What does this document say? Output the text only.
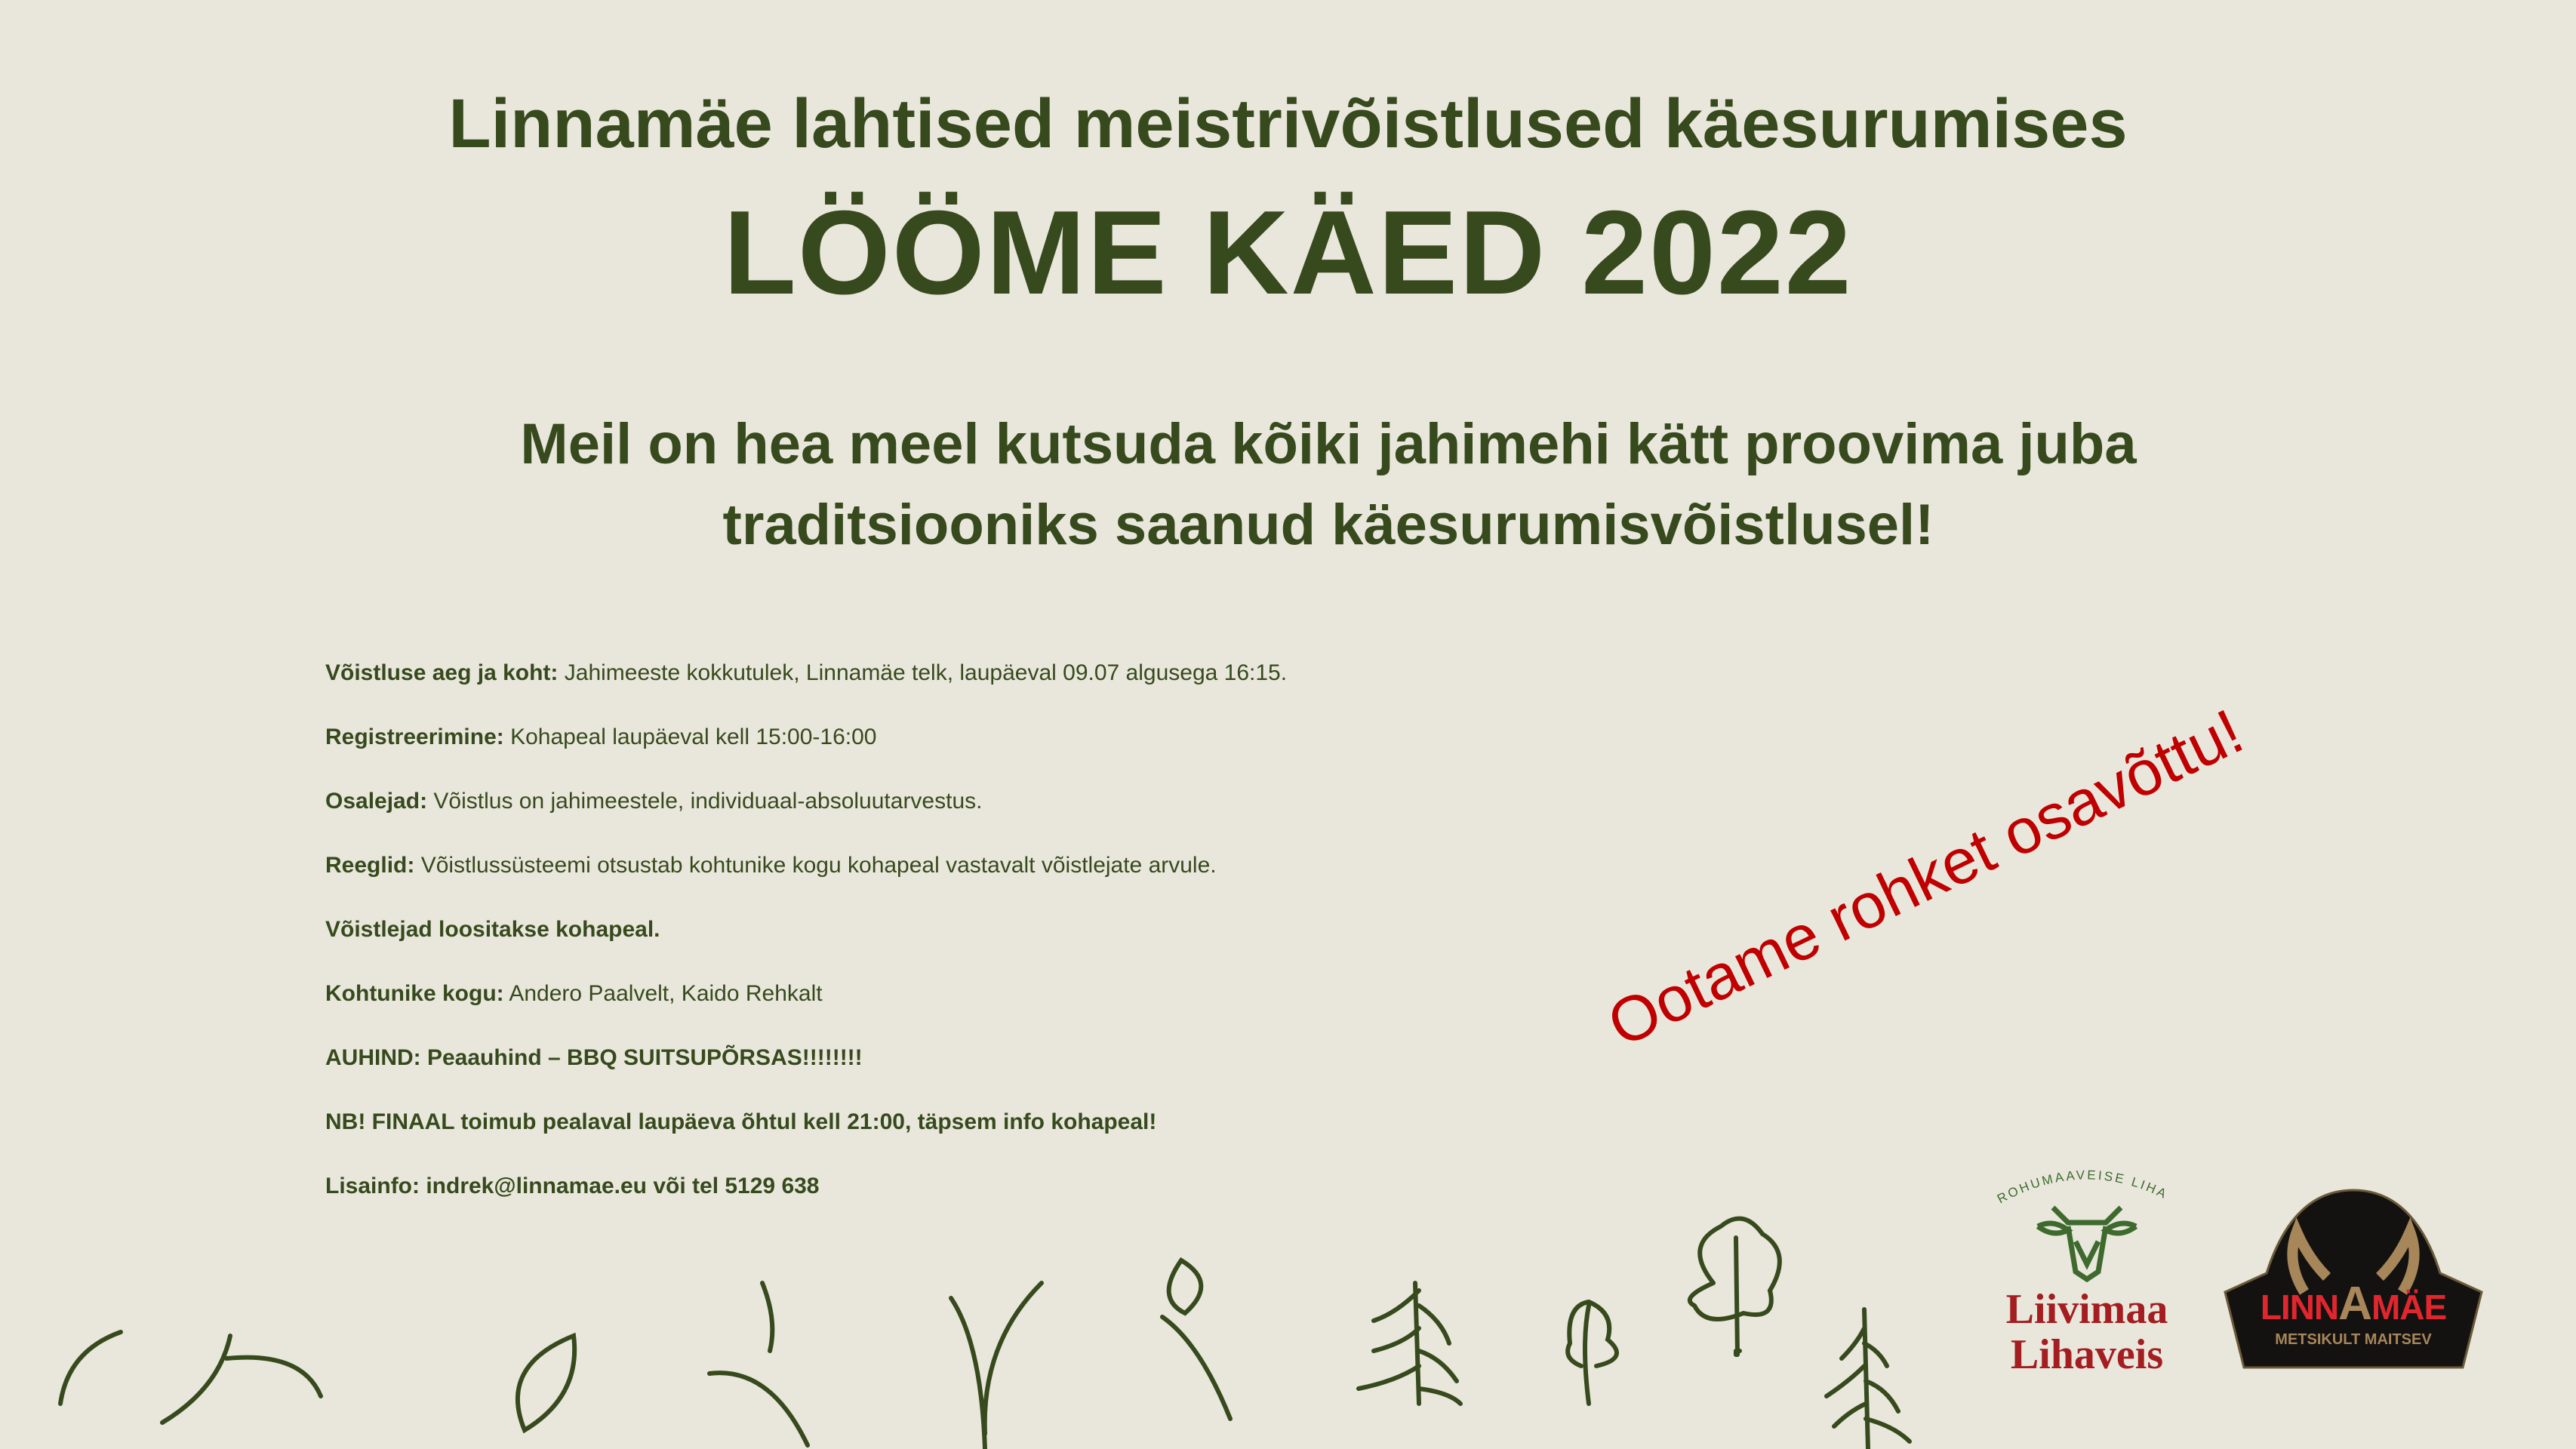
Linnamäe lahtised meistrivõistlused käesurumises
LÖÖME KÄED 2022
Meil on hea meel kutsuda kõiki jahimehi kätt proovima juba
traditsiooniks saanud käesurumisvõistlusel!

Võistluse aeg ja koht: Jahimeeste kokkutulek, Linnamäe telk, laupäeval 09.07 algusega 16:15.

Registreerimine: Kohapeal laupäeval kell 15:00-16:00

Osalejad: Võistlus on jahimeestele, individuaal-absoluutarvestus.

Reeglid: Võistlussüsteemi otsustab kohtunike kogu kohapeal vastavalt võistlejate arvule.

Võistlejad loositakse kohapeal.

Kohtunike kogu: Andero Paalvelt, Kaido Rehkalt

AUHIND: Peaauhind – BBQ SUITSUPÕRSAS!!!!!!!!

NB! FINAAL toimub pealaval laupäeva õhtul kell 21:00, täpsem info kohapeal!

Lisainfo: indrek@linnamae.eu või tel 5129 638

Ootame rohket osavõttu!
ROHUMAAVEISE LIHA
Liivimaa
Lihaveis
LINNAMÄE
METSIKULT MAITSEV
